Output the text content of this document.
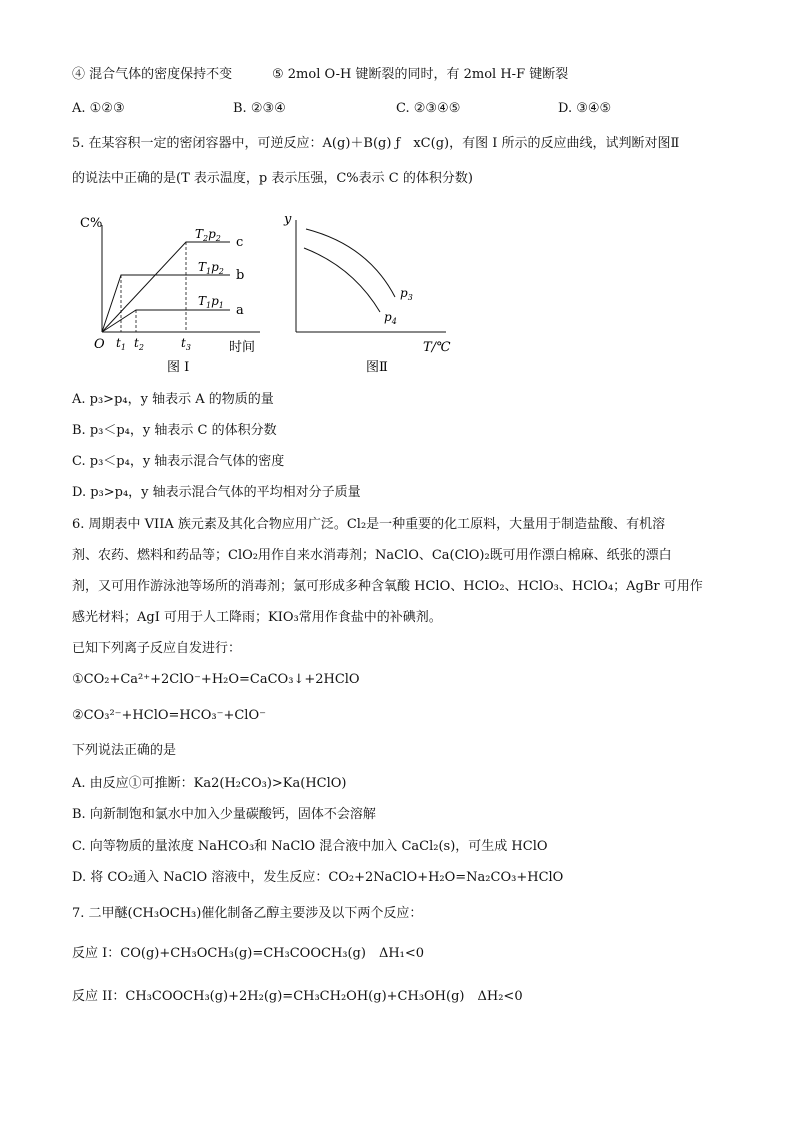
④ 混合气体的密度保持不变	⑤ 2mol O-H 键断裂的同时，有 2mol H-F 键断裂
A. ①②③	B. ②③④	C. ②③④⑤	D. ③④⑤
5. 在某容积一定的密闭容器中，可逆反应：A(g)＋B(g) ƒ　xC(g)，有图 I 所示的反应曲线，试判断对图Ⅱ
的说法中正确的是(T 表示温度，p 表示压强，C%表示 C 的体积分数)
C%
O	时间
$t_1$ $t_2$	$t_3$
$T_2p_2$
$T_1p_2$
$T_1p_1$
c
b
a
图 I
y
T/℃
$p_3$
$p_4$
图Ⅱ
A. p₃>p₄，y 轴表示 A 的物质的量
B. p₃＜p₄，y 轴表示 C 的体积分数
C. p₃＜p₄，y 轴表示混合气体的密度
D. p₃>p₄，y 轴表示混合气体的平均相对分子质量
6. 周期表中 VIIA 族元素及其化合物应用广泛。Cl₂是一种重要的化工原料，大量用于制造盐酸、有机溶
剂、农药、燃料和药品等；ClO₂用作自来水消毒剂；NaClO、Ca(ClO)₂既可用作漂白棉麻、纸张的漂白
剂，又可用作游泳池等场所的消毒剂；氯可形成多种含氧酸 HClO、HClO₂、HClO₃、HClO₄；AgBr 可用作
感光材料；AgI 可用于人工降雨；KIO₃常用作食盐中的补碘剂。
已知下列离子反应自发进行：
①CO₂+Ca²⁺+2ClO⁻+H₂O=CaCO₃↓+2HClO
②CO₃²⁻+HClO=HCO₃⁻+ClO⁻
下列说法正确的是
A. 由反应①可推断：Ka2(H₂CO₃)>Ka(HClO)
B. 向新制饱和氯水中加入少量碳酸钙，固体不会溶解
C. 向等物质的量浓度 NaHCO₃和 NaClO 混合液中加入 CaCl₂(s)，可生成 HClO
D. 将 CO₂通入 NaClO 溶液中，发生反应：CO₂+2NaClO+H₂O=Na₂CO₃+HClO
7. 二甲醚(CH₃OCH₃)催化制备乙醇主要涉及以下两个反应：
反应 I：CO(g)+CH₃OCH₃(g)=CH₃COOCH₃(g)　ΔH₁<0
反应 II：CH₃COOCH₃(g)+2H₂(g)=CH₃CH₂OH(g)+CH₃OH(g)　ΔH₂<0
